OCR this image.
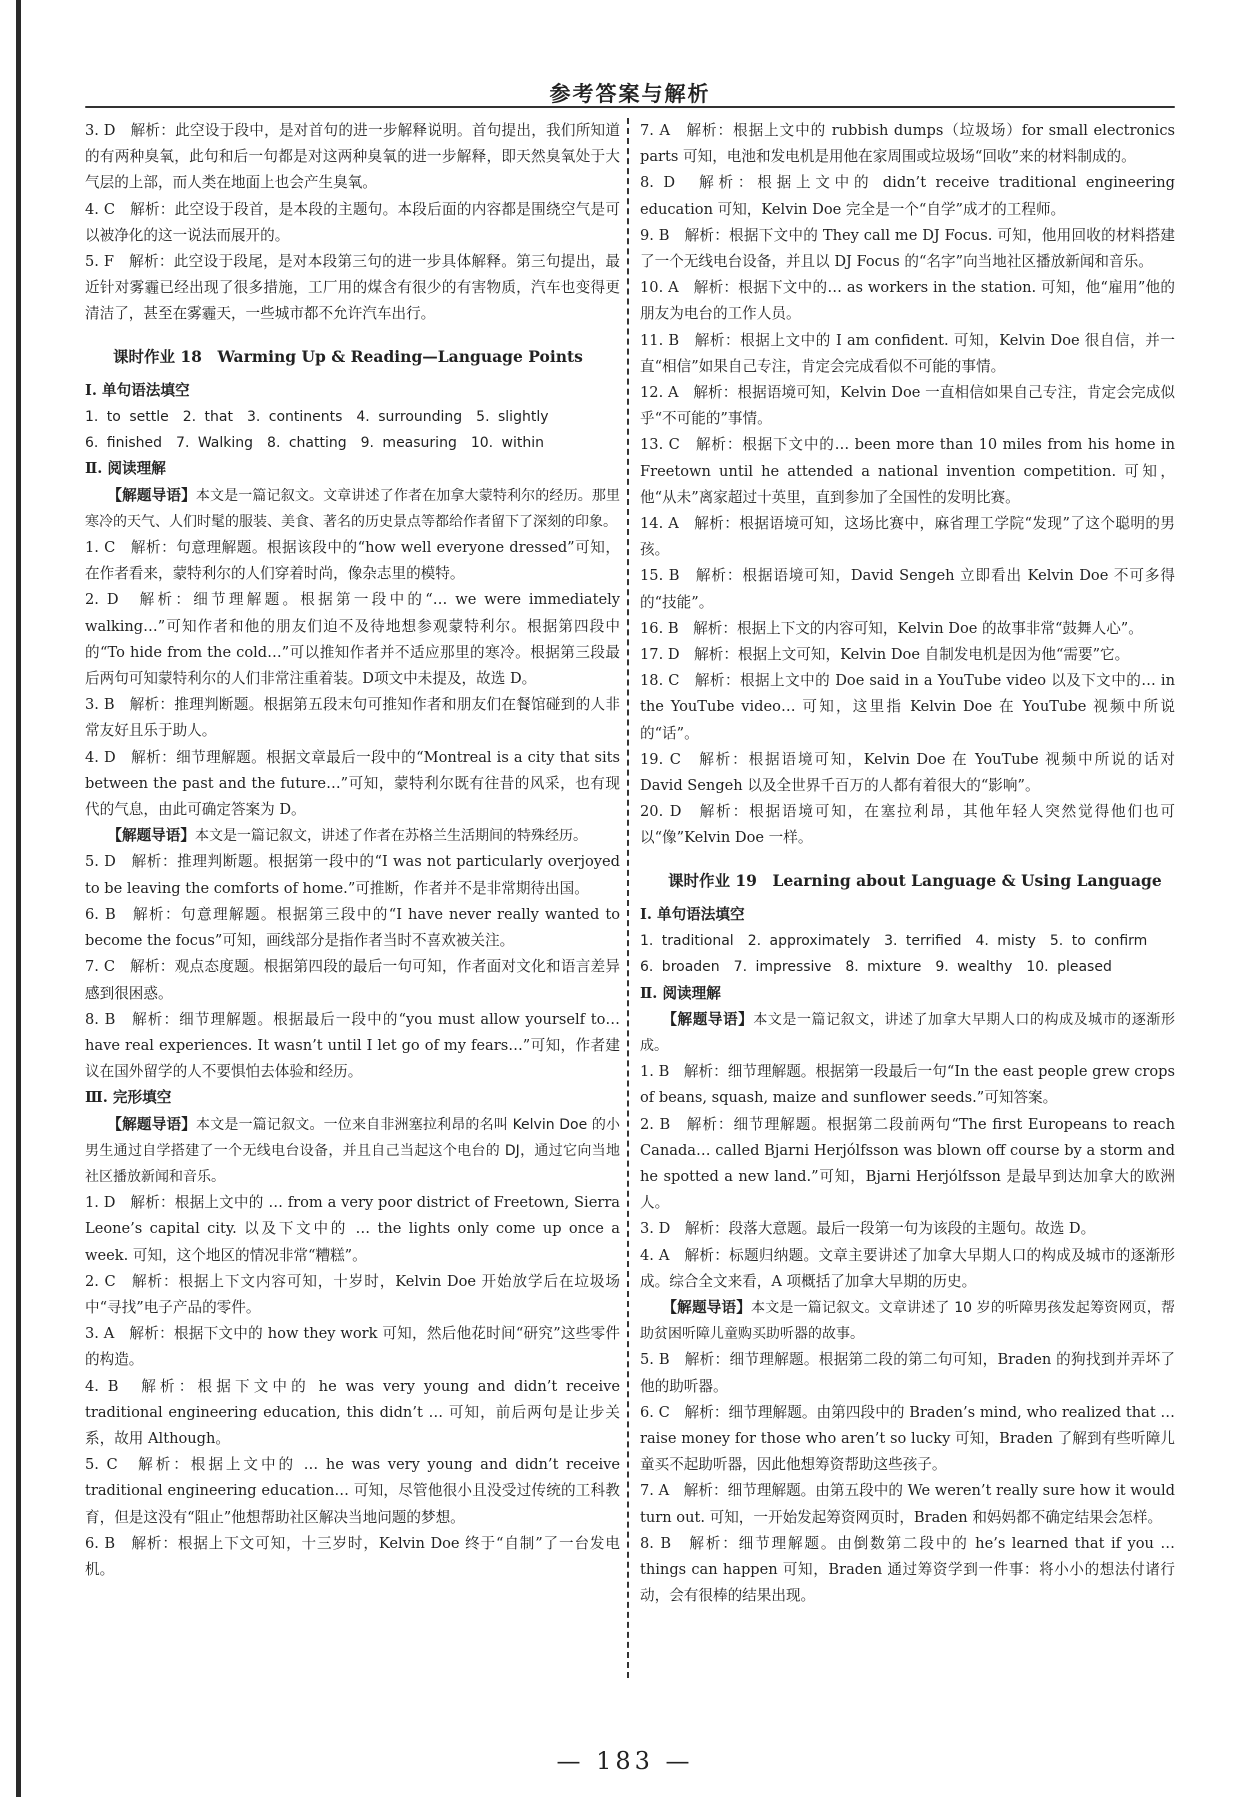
参考答案与解析
3. D　解析：此空设于段中，是对首句的进一步解释说明。首句提出，我们所知道的有两种臭氧，此句和后一句都是对这两种臭氧的进一步解释，即天然臭氧处于大气层的上部，而人类在地面上也会产生臭氧。
4. C　解析：此空设于段首，是本段的主题句。本段后面的内容都是围绕空气是可以被净化的这一说法而展开的。
5. F　解析：此空设于段尾，是对本段第三句的进一步具体解释。第三句提出，最近针对雾霾已经出现了很多措施，工厂用的煤含有很少的有害物质，汽车也变得更清洁了，甚至在雾霾天，一些城市都不允许汽车出行。
课时作业 18　Warming Up & Reading—Language Points
Ⅰ. 单句语法填空
1. to settle　2. that　3. continents　4. surrounding　5. slightly
6. finished　7. Walking　8. chatting　9. measuring　10. within
Ⅱ. 阅读理解
【解题导语】本文是一篇记叙文。文章讲述了作者在加拿大蒙特利尔的经历。那里寒冷的天气、人们时髦的服装、美食、著名的历史景点等都给作者留下了深刻的印象。
1. C　解析：句意理解题。根据该段中的“how well everyone dressed”可知，在作者看来，蒙特利尔的人们穿着时尚，像杂志里的模特。
2. D　解析：细节理解题。根据第一段中的“… we were immediately walking…”可知作者和他的朋友们迫不及待地想参观蒙特利尔。根据第四段中的“To hide from the cold…”可以推知作者并不适应那里的寒冷。根据第三段最后两句可知蒙特利尔的人们非常注重着装。D项文中未提及，故选 D。
3. B　解析：推理判断题。根据第五段末句可推知作者和朋友们在餐馆碰到的人非常友好且乐于助人。
4. D　解析：细节理解题。根据文章最后一段中的“Montreal is a city that sits between the past and the future…”可知，蒙特利尔既有往昔的风采，也有现代的气息，由此可确定答案为 D。
【解题导语】本文是一篇记叙文，讲述了作者在苏格兰生活期间的特殊经历。
5. D　解析：推理判断题。根据第一段中的“I was not particularly overjoyed to be leaving the comforts of home.”可推断，作者并不是非常期待出国。
6. B　解析：句意理解题。根据第三段中的“I have never really wanted to become the focus”可知，画线部分是指作者当时不喜欢被关注。
7. C　解析：观点态度题。根据第四段的最后一句可知，作者面对文化和语言差异感到很困惑。
8. B　解析：细节理解题。根据最后一段中的“you must allow yourself to… have real experiences. It wasn’t until I let go of my fears…”可知，作者建议在国外留学的人不要惧怕去体验和经历。
Ⅲ. 完形填空
【解题导语】本文是一篇记叙文。一位来自非洲塞拉利昂的名叫 Kelvin Doe 的小男生通过自学搭建了一个无线电台设备，并且自己当起这个电台的 DJ，通过它向当地社区播放新闻和音乐。
1. D　解析：根据上文中的 … from a very poor district of Freetown, Sierra Leone’s capital city. 以及下文中的 … the lights only come up once a week. 可知，这个地区的情况非常“糟糕”。
2. C　解析：根据上下文内容可知，十岁时，Kelvin Doe 开始放学后在垃圾场中“寻找”电子产品的零件。
3. A　解析：根据下文中的 how they work 可知，然后他花时间“研究”这些零件的构造。
4. B　解析：根据下文中的 he was very young and didn’t receive traditional engineering education, this didn’t … 可知，前后两句是让步关系，故用 Although。
5. C　解析：根据上文中的 … he was very young and didn’t receive traditional engineering education… 可知，尽管他很小且没受过传统的工科教育，但是这没有“阻止”他想帮助社区解决当地问题的梦想。
6. B　解析：根据上下文可知，十三岁时，Kelvin Doe 终于“自制”了一台发电机。
7. A　解析：根据上文中的 rubbish dumps（垃圾场）for small electronics parts 可知，电池和发电机是用他在家周围或垃圾场“回收”来的材料制成的。
8. D　解析：根据上文中的 didn’t receive traditional engineering education 可知，Kelvin Doe 完全是一个“自学”成才的工程师。
9. B　解析：根据下文中的 They call me DJ Focus. 可知，他用回收的材料搭建了一个无线电台设备，并且以 DJ Focus 的“名字”向当地社区播放新闻和音乐。
10. A　解析：根据下文中的… as workers in the station. 可知，他“雇用”他的朋友为电台的工作人员。
11. B　解析：根据上文中的 I am confident. 可知，Kelvin Doe 很自信，并一直“相信”如果自己专注，肯定会完成看似不可能的事情。
12. A　解析：根据语境可知，Kelvin Doe 一直相信如果自己专注，肯定会完成似乎“不可能的”事情。
13. C　解析：根据下文中的… been more than 10 miles from his home in Freetown until he attended a national invention competition. 可知，他“从未”离家超过十英里，直到参加了全国性的发明比赛。
14. A　解析：根据语境可知，这场比赛中，麻省理工学院“发现”了这个聪明的男孩。
15. B　解析：根据语境可知，David Sengeh 立即看出 Kelvin Doe 不可多得的“技能”。
16. B　解析：根据上下文的内容可知，Kelvin Doe 的故事非常“鼓舞人心”。
17. D　解析：根据上文可知，Kelvin Doe 自制发电机是因为他“需要”它。
18. C　解析：根据上文中的 Doe said in a YouTube video 以及下文中的… in the YouTube video… 可知，这里指 Kelvin Doe 在 YouTube 视频中所说的“话”。
19. C　解析：根据语境可知，Kelvin Doe 在 YouTube 视频中所说的话对 David Sengeh 以及全世界千百万的人都有着很大的“影响”。
20. D　解析：根据语境可知，在塞拉利昂，其他年轻人突然觉得他们也可以“像”Kelvin Doe 一样。
课时作业 19　Learning about Language & Using Language
Ⅰ. 单句语法填空
1. traditional　2. approximately　3. terrified　4. misty　5. to confirm
6. broaden　7. impressive　8. mixture　9. wealthy　10. pleased
Ⅱ. 阅读理解
【解题导语】本文是一篇记叙文，讲述了加拿大早期人口的构成及城市的逐渐形成。
1. B　解析：细节理解题。根据第一段最后一句“In the east people grew crops of beans, squash, maize and sunflower seeds.”可知答案。
2. B　解析：细节理解题。根据第二段前两句“The first Europeans to reach Canada… called Bjarni Herjólfsson was blown off course by a storm and he spotted a new land.”可知，Bjarni Herjólfsson 是最早到达加拿大的欧洲人。
3. D　解析：段落大意题。最后一段第一句为该段的主题句。故选 D。
4. A　解析：标题归纳题。文章主要讲述了加拿大早期人口的构成及城市的逐渐形成。综合全文来看，A 项概括了加拿大早期的历史。
【解题导语】本文是一篇记叙文。文章讲述了 10 岁的听障男孩发起筹资网页，帮助贫困听障儿童购买助听器的故事。
5. B　解析：细节理解题。根据第二段的第二句可知，Braden 的狗找到并弄坏了他的助听器。
6. C　解析：细节理解题。由第四段中的 Braden’s mind, who realized that … raise money for those who aren’t so lucky 可知，Braden 了解到有些听障儿童买不起助听器，因此他想筹资帮助这些孩子。
7. A　解析：细节理解题。由第五段中的 We weren’t really sure how it would turn out. 可知，一开始发起筹资网页时，Braden 和妈妈都不确定结果会怎样。
8. B　解析：细节理解题。由倒数第二段中的 he’s learned that if you … things can happen 可知，Braden 通过筹资学到一件事：将小小的想法付诸行动，会有很棒的结果出现。
— 183 —
